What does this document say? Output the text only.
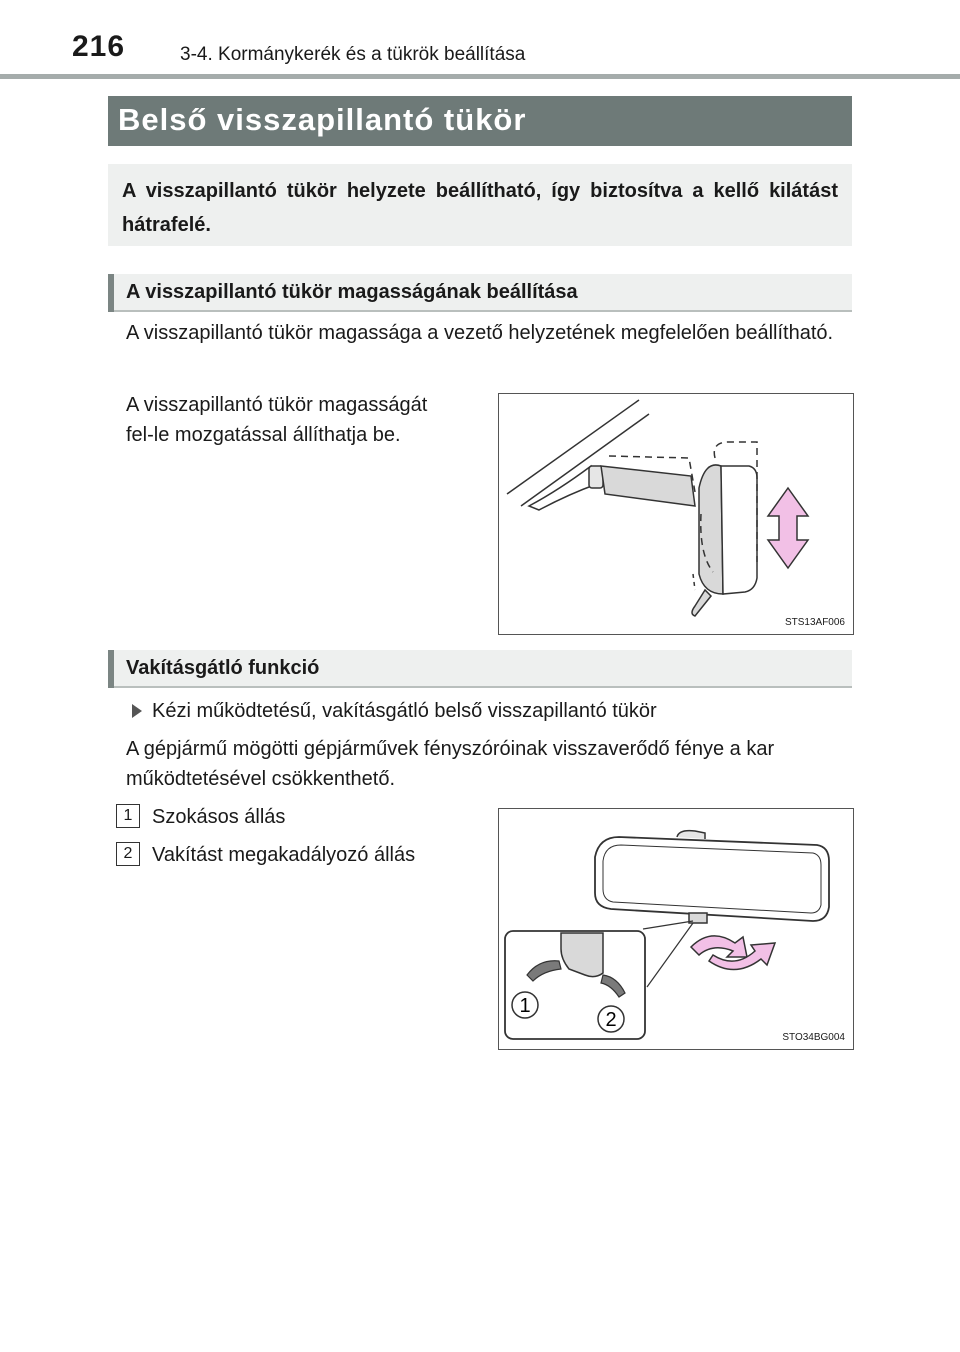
216	3-4. Kormánykerék és a tükrök beállítása
Belső visszapillantó tükör

A visszapillantó tükör helyzete beállítható, így biztosítva a kellő kilátást hátrafelé.

A visszapillantó tükör magasságának beállítása

A visszapillantó tükör magassága a vezető helyzetének megfelelően beállítható.

A visszapillantó tükör magasságát
fel-le mozgatással állíthatja be.
STS13AF006
Vakításgátló funkció
Kézi működtetésű, vakításgátló belső visszapillantó tükör

A gépjármű mögötti gépjárművek fényszóróinak visszaverődő fénye a kar működtetésével csökkenthető.

1 Szokásos állás
2 Vakítást megakadályozó állás
1
2
STO34BG004
